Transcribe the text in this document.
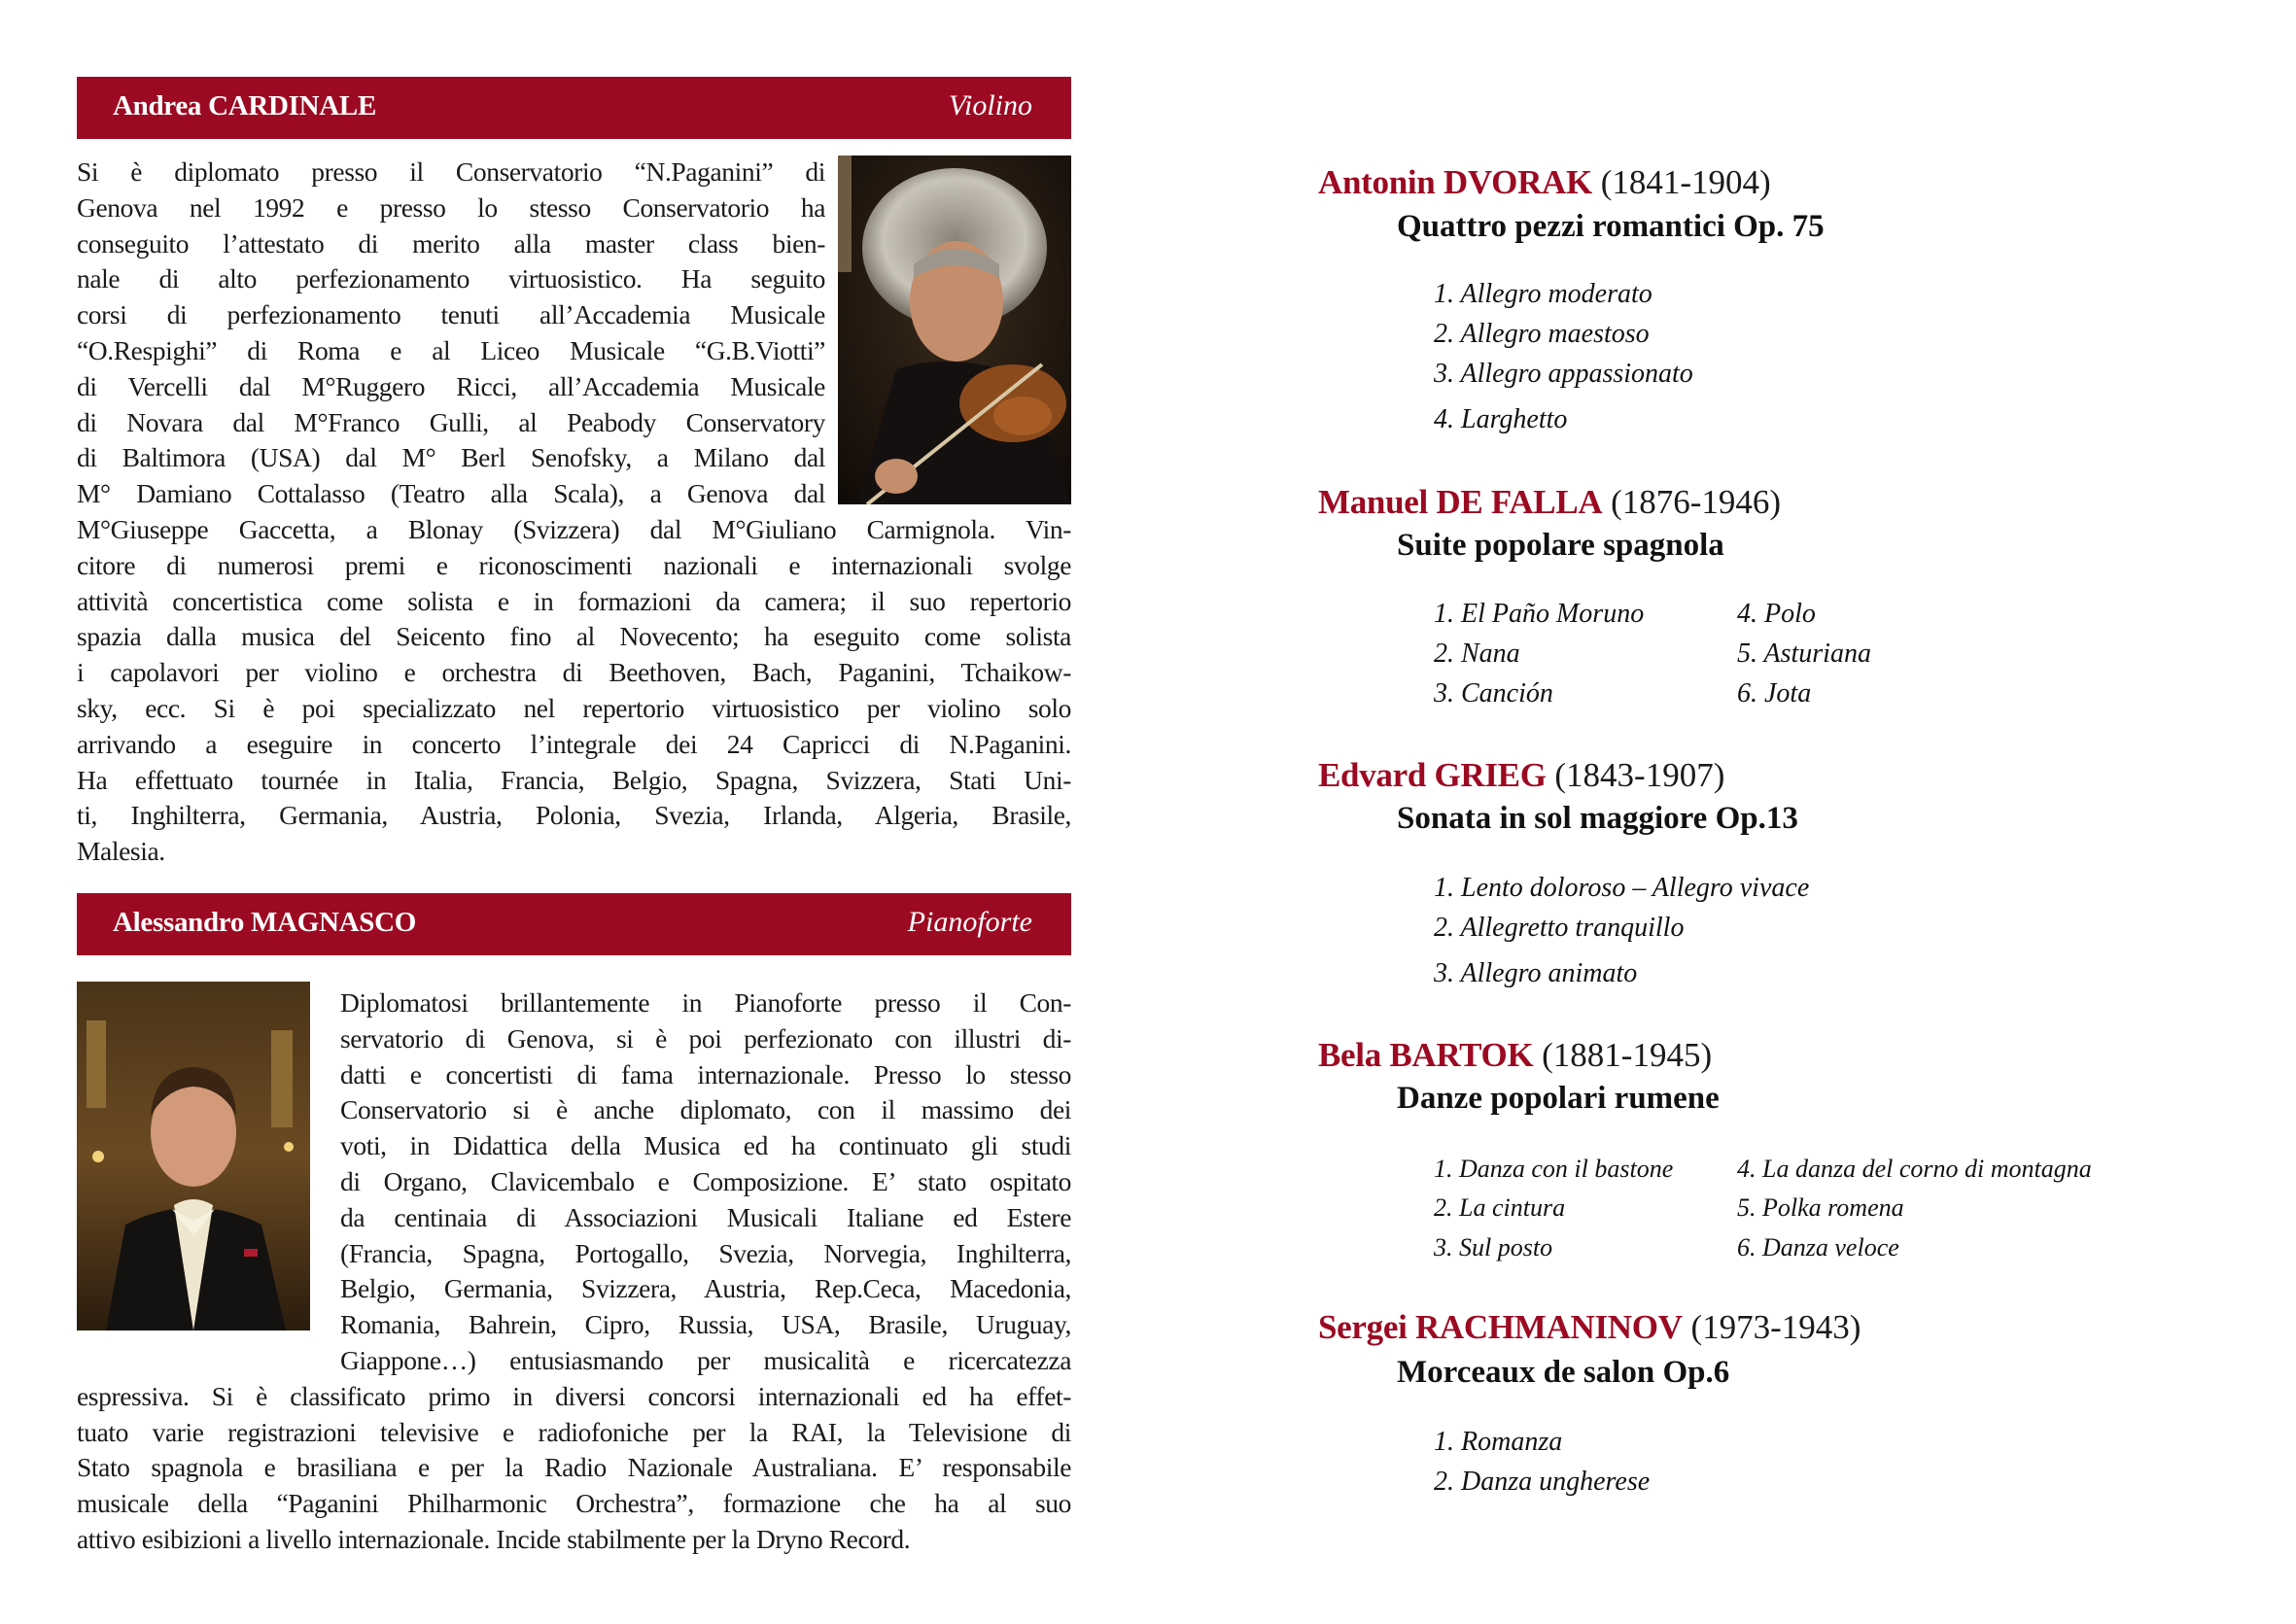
Andrea CARDINALE	Violino
Si è diplomato presso il Conservatorio “N.Paganini” di
Genova nel 1992 e presso lo stesso Conservatorio ha
conseguito l’attestato di merito alla master class bien-
nale di alto perfezionamento virtuosistico. Ha seguito
corsi di perfezionamento tenuti all’Accademia Musicale
“O.Respighi” di Roma e al Liceo Musicale “G.B.Viotti”
di Vercelli dal M°Ruggero Ricci, all’Accademia Musicale
di Novara dal M°Franco Gulli, al Peabody Conservatory
di Baltimora (USA) dal M° Berl Senofsky, a Milano dal
M° Damiano Cottalasso (Teatro alla Scala), a Genova dal
M°Giuseppe Gaccetta, a Blonay (Svizzera) dal M°Giuliano Carmignola. Vin-
citore di numerosi premi e riconoscimenti nazionali e internazionali svolge
attività concertistica come solista e in formazioni da camera; il suo repertorio
spazia dalla musica del Seicento fino al Novecento; ha eseguito come solista
i capolavori per violino e orchestra di Beethoven, Bach, Paganini, Tchaikow-
sky, ecc. Si è poi specializzato nel repertorio virtuosistico per violino solo
arrivando a eseguire in concerto l’integrale dei 24 Capricci di N.Paganini.
Ha effettuato tournée in Italia, Francia, Belgio, Spagna, Svizzera, Stati Uni-
ti, Inghilterra, Germania, Austria, Polonia, Svezia, Irlanda, Algeria, Brasile,
Malesia.
Alessandro MAGNASCO	Pianoforte
Diplomatosi brillantemente in Pianoforte presso il Con-
servatorio di Genova, si è poi perfezionato con illustri di-
datti e concertisti di fama internazionale. Presso lo stesso
Conservatorio si è anche diplomato, con il massimo dei
voti, in Didattica della Musica ed ha continuato gli studi
di Organo, Clavicembalo e Composizione. E’ stato ospitato
da centinaia di Associazioni Musicali Italiane ed Estere
(Francia, Spagna, Portogallo, Svezia, Norvegia, Inghilterra,
Belgio, Germania, Svizzera, Austria, Rep.Ceca, Macedonia,
Romania, Bahrein, Cipro, Russia, USA, Brasile, Uruguay,
Giappone…) entusiasmando per musicalità e ricercatezza
espressiva. Si è classificato primo in diversi concorsi internazionali ed ha effet-
tuato varie registrazioni televisive e radiofoniche per la RAI, la Televisione di
Stato spagnola e brasiliana e per la Radio Nazionale Australiana. E’ responsabile
musicale della “Paganini Philharmonic Orchestra”, formazione che ha al suo
attivo esibizioni a livello internazionale. Incide stabilmente per la Dryno Record.
Antonin DVORAK (1841-1904)
Quattro pezzi romantici Op. 75
1. Allegro moderato
2. Allegro maestoso
3. Allegro appassionato
4. Larghetto
Manuel DE FALLA (1876-1946)
Suite popolare spagnola
1. El Paño Moruno
2. Nana
3. Canción
4. Polo
5. Asturiana
6. Jota
Edvard GRIEG (1843-1907)
Sonata in sol maggiore Op.13
1. Lento doloroso – Allegro vivace
2. Allegretto tranquillo
3. Allegro animato
Bela BARTOK (1881-1945)
Danze popolari rumene
1. Danza con il bastone
2. La cintura
3. Sul posto
4. La danza del corno di montagna
5. Polka romena
6. Danza veloce
Sergei RACHMANINOV (1973-1943)
Morceaux de salon Op.6
1. Romanza
2. Danza ungherese
